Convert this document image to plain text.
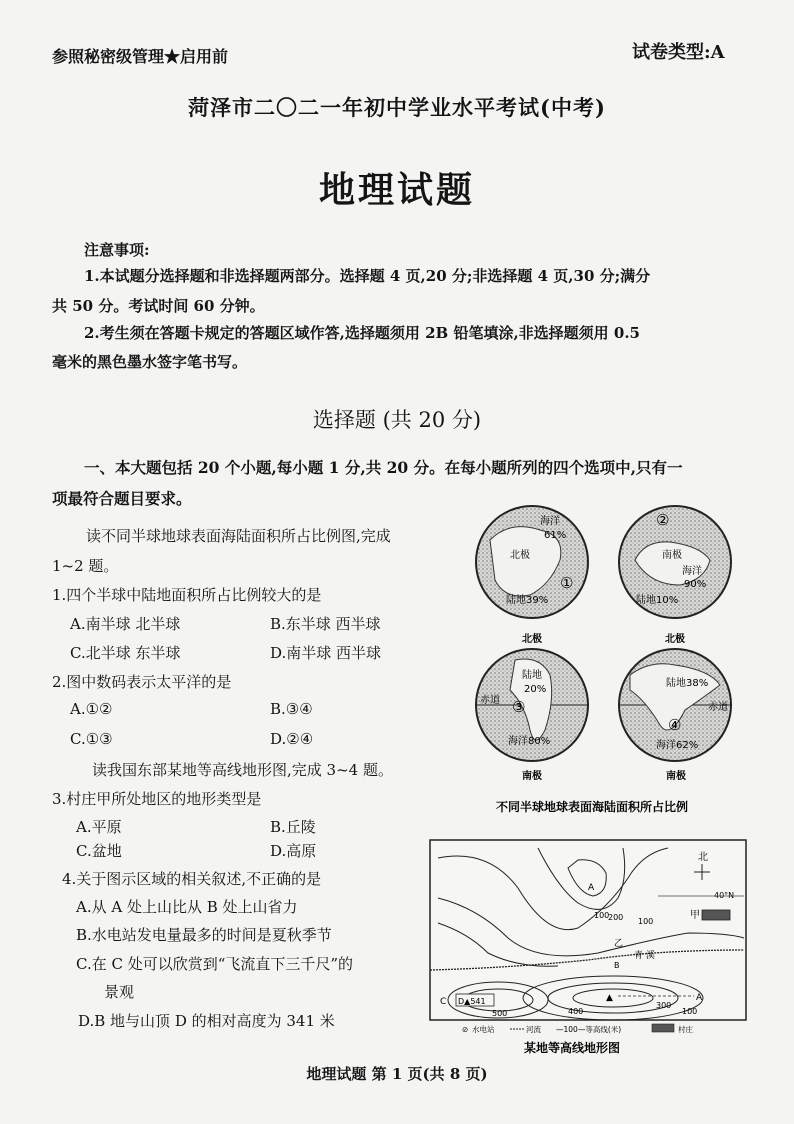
参照秘密级管理★启用前	试卷类型:A
菏泽市二〇二一年初中学业水平考试(中考)
地理试题
注意事项:
1.本试题分选择题和非选择题两部分。选择题 4 页,20 分;非选择题 4 页,30 分;满分
共 50 分。考试时间 60 分钟。
2.考生须在答题卡规定的答题区域作答,选择题须用 2B 铅笔填涂,非选择题须用 0.5
毫米的黑色墨水签字笔书写。
选择题 (共 20 分)
一、本大题包括 20 个小题,每小题 1 分,共 20 分。在每小题所列的四个选项中,只有一
项最符合题目要求。
读不同半球地球表面海陆面积所占比例图,完成
1~2 题。
1.四个半球中陆地面积所占比例较大的是
A.南半球 北半球	B.东半球 西半球
C.北半球 东半球	D.南半球 西半球
2.图中数码表示太平洋的是
A.①②	B.③④
C.①③	D.②④
读我国东部某地等高线地形图,完成 3~4 题。
3.村庄甲所处地区的地形类型是
A.平原	B.丘陵
C.盆地	D.高原
4.关于图示区域的相关叙述,不正确的是
A.从 A 处上山比从 B 处上山省力
B.水电站发电量最多的时间是夏秋季节
C.在 C 处可以欣赏到“飞流直下三千尺”的
景观
D.B 地与山顶 D 的相对高度为 341 米
海洋
61%
北极
陆地39%
①
②
南极
海洋
90%
陆地10%
北极
陆地
20%
赤道 ③
海洋80%
南极
北极
陆地38%
赤道
④
海洋62%
南极
不同半球地球表面海陆面积所占比例
北
40°N
甲
青 溪
乙
A
100
200 100
B
▲	A
C D▲541
500	400
300
100
⊘ 水电站	河流 —100—等高线(米)	村庄
某地等高线地形图
地理试题 第 1 页(共 8 页)
